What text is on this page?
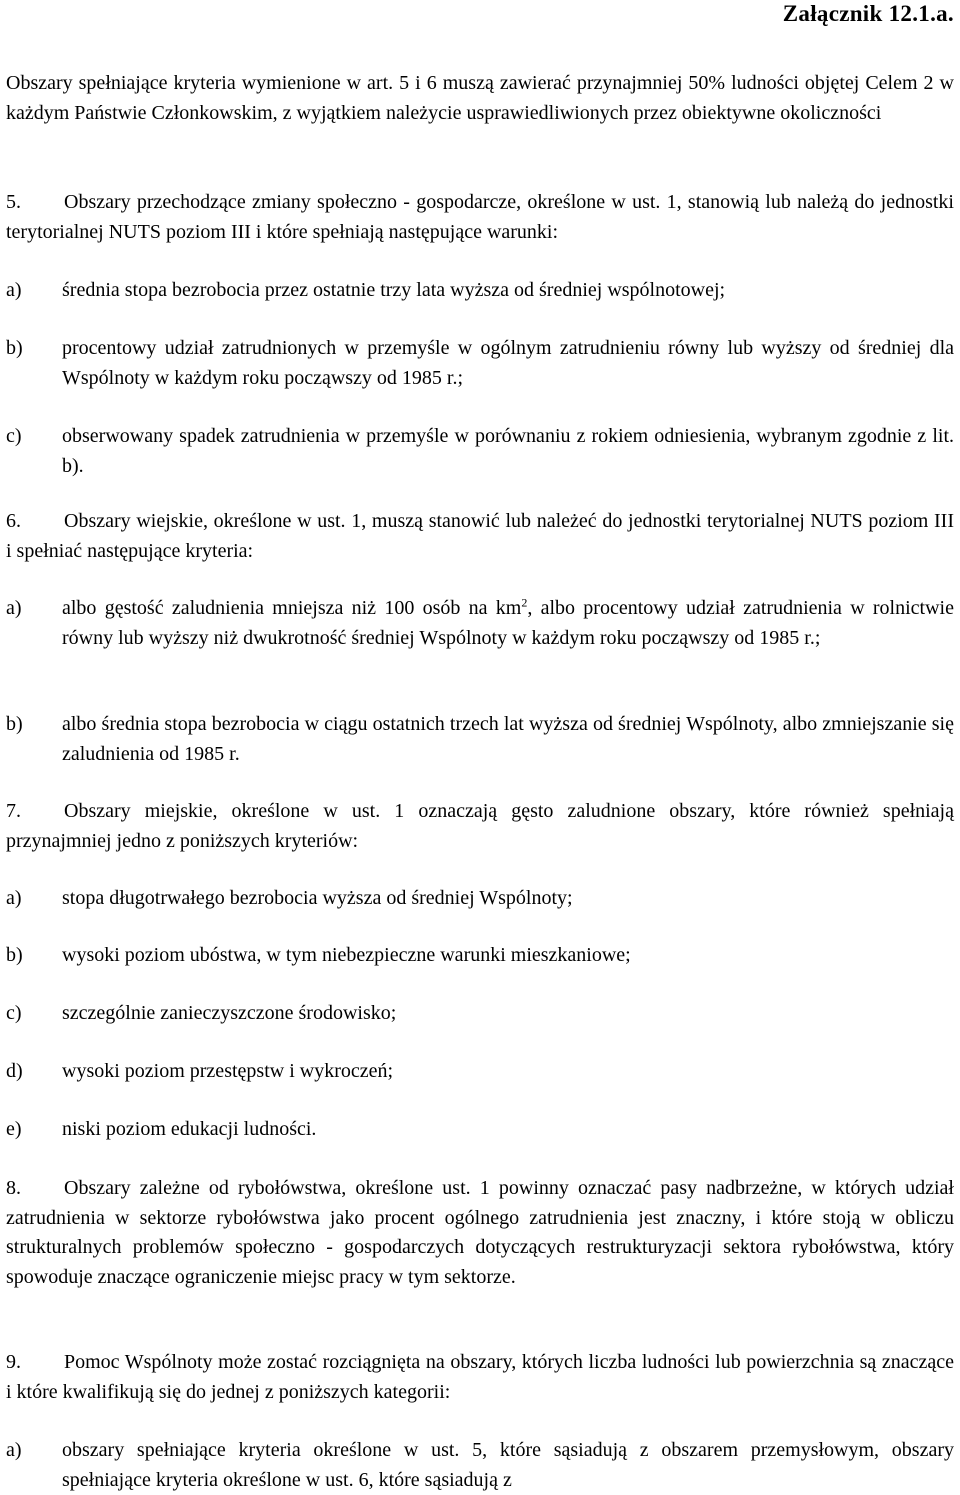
Załącznik 12.1.a.
Obszary spełniające kryteria wymienione w art. 5 i 6 muszą zawierać przynajmniej 50% ludności objętej Celem 2 w każdym Państwie Członkowskim, z wyjątkiem należycie usprawiedliwionych przez obiektywne okoliczności
5. Obszary przechodzące zmiany społeczno - gospodarcze, określone w ust. 1, stanowią lub należą do jednostki terytorialnej NUTS poziom III i które spełniają następujące warunki:
a) średnia stopa bezrobocia przez ostatnie trzy lata wyższa od średniej wspólnotowej;
b) procentowy udział zatrudnionych w przemyśle w ogólnym zatrudnieniu równy lub wyższy od średniej dla Wspólnoty w każdym roku począwszy od 1985 r.;
c) obserwowany spadek zatrudnienia w przemyśle w porównaniu z rokiem odniesienia, wybranym zgodnie z lit. b).
6. Obszary wiejskie, określone w ust. 1, muszą stanowić lub należeć do jednostki terytorialnej NUTS poziom III i spełniać następujące kryteria:
a) albo gęstość zaludnienia mniejsza niż 100 osób na $km^2$, albo procentowy udział zatrudnienia w rolnictwie równy lub wyższy niż dwukrotność średniej Wspólnoty w każdym roku począwszy od 1985 r.;
b) albo średnia stopa bezrobocia w ciągu ostatnich trzech lat wyższa od średniej Wspólnoty, albo zmniejszanie się zaludnienia od 1985 r.
7. Obszary miejskie, określone w ust. 1 oznaczają gęsto zaludnione obszary, które również spełniają przynajmniej jedno z poniższych kryteriów:
a) stopa długotrwałego bezrobocia wyższa od średniej Wspólnoty;
b) wysoki poziom ubóstwa, w tym niebezpieczne warunki mieszkaniowe;
c) szczególnie zanieczyszczone środowisko;
d) wysoki poziom przestępstw i wykroczeń;
e) niski poziom edukacji ludności.
8. Obszary zależne od rybołówstwa, określone ust. 1 powinny oznaczać pasy nadbrzeżne, w których udział zatrudnienia w sektorze rybołówstwa jako procent ogólnego zatrudnienia jest znaczny, i które stoją w obliczu strukturalnych problemów społeczno - gospodarczych dotyczących restrukturyzacji sektora rybołówstwa, który spowoduje znaczące ograniczenie miejsc pracy w tym sektorze.
9. Pomoc Wspólnoty może zostać rozciągnięta na obszary, których liczba ludności lub powierzchnia są znaczące i które kwalifikują się do jednej z poniższych kategorii:
a) obszary spełniające kryteria określone w ust. 5, które sąsiadują z obszarem przemysłowym, obszary spełniające kryteria określone w ust. 6, które sąsiadują z
